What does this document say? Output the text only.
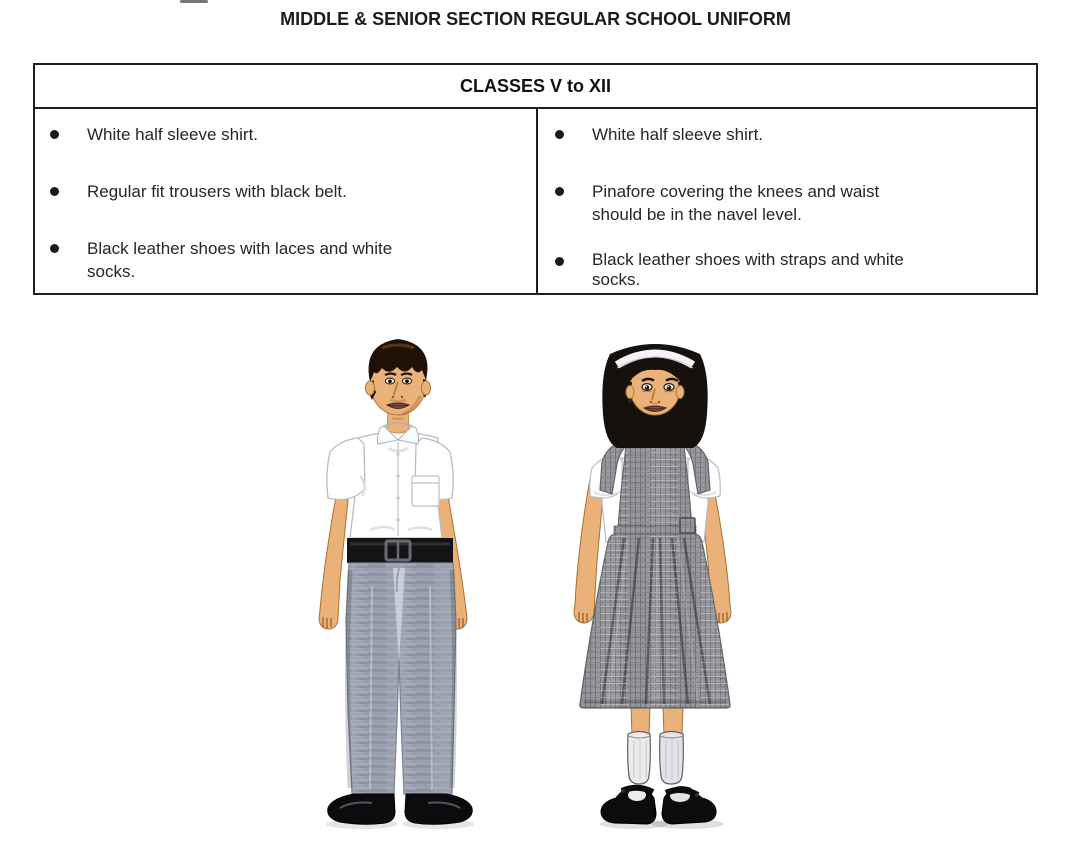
MIDDLE & SENIOR SECTION REGULAR SCHOOL UNIFORM
CLASSES V to XII
White half sleeve shirt.
Regular fit trousers with black belt.
Black leather shoes with laces and white
socks.
White half sleeve shirt.
Pinafore covering the knees and waist
should be in the navel level.
Black leather shoes with straps and white
socks.
